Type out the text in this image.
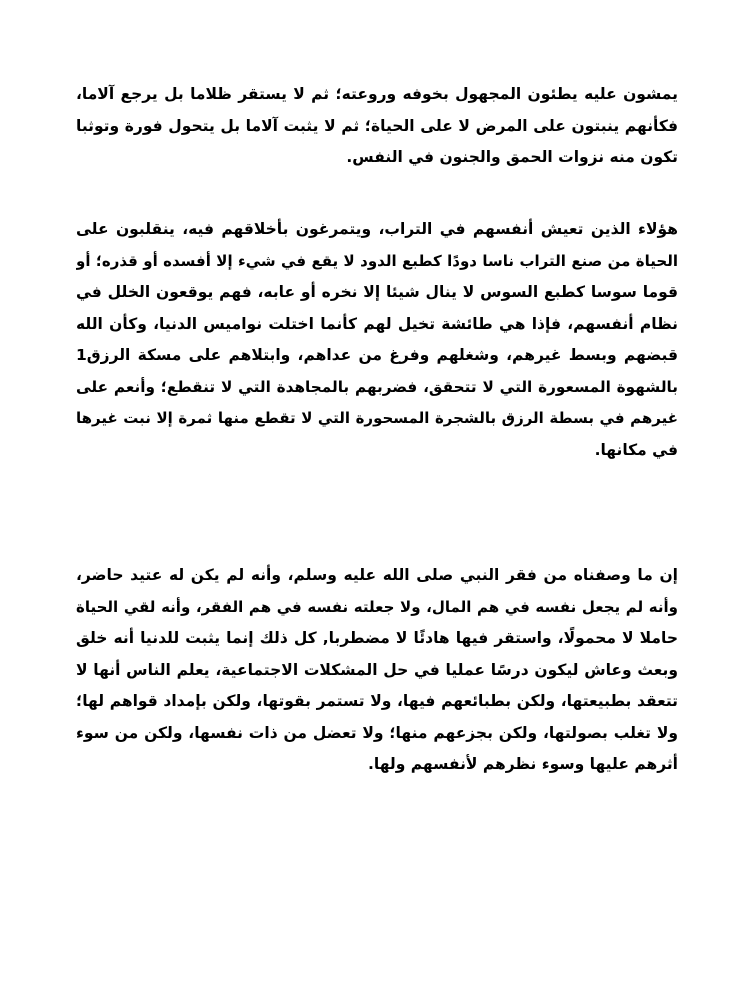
يمشون عليه يطئون المجهول بخوفه وروعته؛ ثم لا يستقر ظلاما بل يرجع آلاما،
فكأنهم ينبتون على المرض لا على الحياة؛ ثم لا يثبت آلاما بل يتحول فورة وتوثبا
تكون منه نزوات الحمق والجنون في النفس.
هؤلاء الذين تعيش أنفسهم في التراب، ويتمرغون بأخلاقهم فيه، ينقلبون على
الحياة من صنع التراب ناسا دودًا كطبع الدود لا يقع في شيء إلا أفسده أو قذره؛ أو
قوما سوسا كطبع السوس لا ينال شيئا إلا نخره أو عابه، فهم يوقعون الخلل في
نظام أنفسهم، فإذا هي طائشة تخيل لهم كأنما اختلت نواميس الدنيا، وكأن الله
قبضهم وبسط غيرهم، وشغلهم وفرغ من عداهم، وابتلاهم على مسكة الرزق1
بالشهوة المسعورة التي لا تتحقق، فضربهم بالمجاهدة التي لا تنقطع؛ وأنعم على
غيرهم في بسطة الرزق بالشجرة المسحورة التي لا تقطع منها ثمرة إلا نبت غيرها
في مكانها.
إن ما وصفناه من فقر النبي صلى الله عليه وسلم، وأنه لم يكن له عتيد حاضر،
وأنه لم يجعل نفسه في هم المال، ولا جعلته نفسه في هم الفقر، وأنه لقي الحياة
حاملا لا محمولًا، واستقر فيها هادئًا لا مضطربا, كل ذلك إنما يثبت للدنيا أنه خلق
وبعث وعاش ليكون درسًا عمليا في حل المشكلات الاجتماعية، يعلم الناس أنها لا
تتعقد بطبيعتها، ولكن بطبائعهم فيها، ولا تستمر بقوتها، ولكن بإمداد قواهم لها؛
ولا تغلب بصولتها، ولكن بجزعهم منها؛ ولا تعضل من ذات نفسها، ولكن من سوء
أثرهم عليها وسوء نظرهم لأنفسهم ولها.
